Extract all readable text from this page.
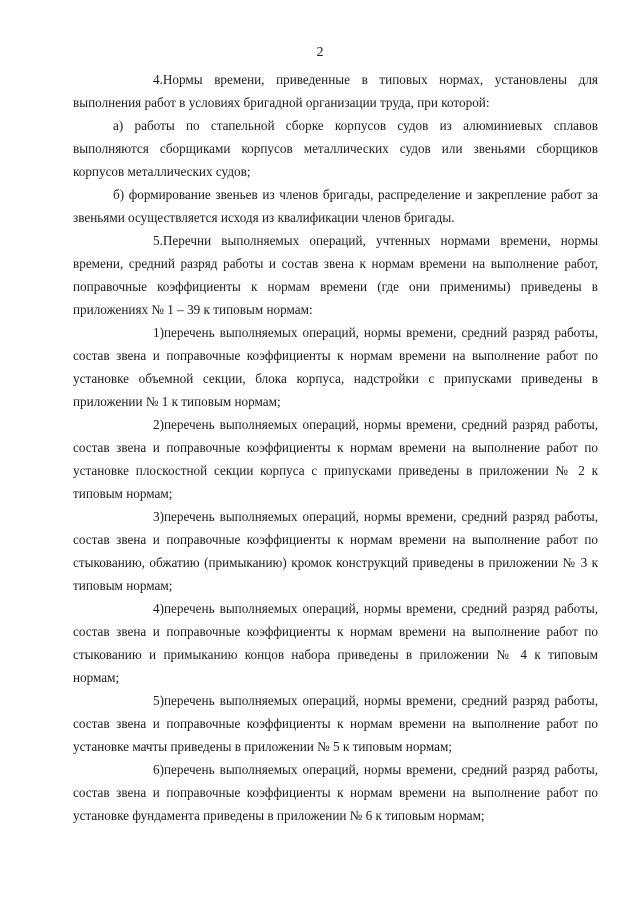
2

4.Нормы времени, приведенные в типовых нормах, установлены для выполнения работ в условиях бригадной организации труда, при которой:

а) работы по стапельной сборке корпусов судов из алюминиевых сплавов выполняются сборщиками корпусов металлических судов или звеньями сборщиков корпусов металлических судов;

б) формирование звеньев из членов бригады, распределение и закрепление работ за звеньями осуществляется исходя из квалификации членов бригады.

5.Перечни выполняемых операций, учтенных нормами времени, нормы времени, средний разряд работы и состав звена к нормам времени на выполнение работ, поправочные коэффициенты к нормам времени (где они применимы) приведены в приложениях № 1 – 39 к типовым нормам:

1)перечень выполняемых операций, нормы времени, средний разряд работы, состав звена и поправочные коэффициенты к нормам времени на выполнение работ по установке объемной секции, блока корпуса, надстройки с припусками приведены в приложении № 1 к типовым нормам;

2)перечень выполняемых операций, нормы времени, средний разряд работы, состав звена и поправочные коэффициенты к нормам времени на выполнение работ по установке плоскостной секции корпуса с припусками приведены в приложении № 2 к типовым нормам;

3)перечень выполняемых операций, нормы времени, средний разряд работы, состав звена и поправочные коэффициенты к нормам времени на выполнение работ по стыкованию, обжатию (примыканию) кромок конструкций приведены в приложении № 3 к типовым нормам;

4)перечень выполняемых операций, нормы времени, средний разряд работы, состав звена и поправочные коэффициенты к нормам времени на выполнение работ по стыкованию и примыканию концов набора приведены в приложении № 4 к типовым нормам;

5)перечень выполняемых операций, нормы времени, средний разряд работы, состав звена и поправочные коэффициенты к нормам времени на выполнение работ по установке мачты приведены в приложении № 5 к типовым нормам;

6)перечень выполняемых операций, нормы времени, средний разряд работы, состав звена и поправочные коэффициенты к нормам времени на выполнение работ по установке фундамента приведены в приложении № 6 к типовым нормам;
